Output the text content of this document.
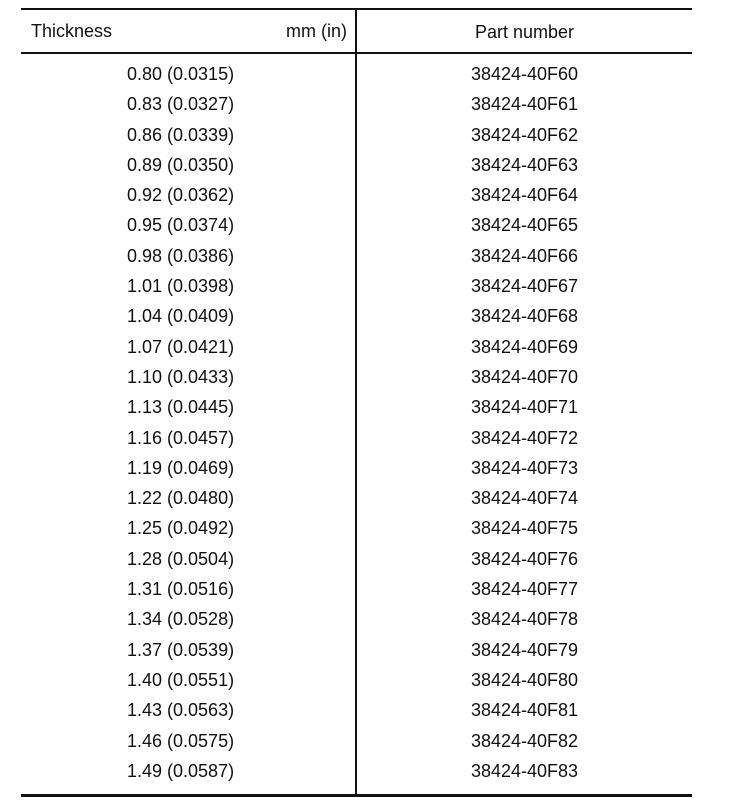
Thickness	mm (in)	Part number
0.80 (0.0315)	38424-40F60
0.83 (0.0327)	38424-40F61
0.86 (0.0339)	38424-40F62
0.89 (0.0350)	38424-40F63
0.92 (0.0362)	38424-40F64
0.95 (0.0374)	38424-40F65
0.98 (0.0386)	38424-40F66
1.01 (0.0398)	38424-40F67
1.04 (0.0409)	38424-40F68
1.07 (0.0421)	38424-40F69
1.10 (0.0433)	38424-40F70
1.13 (0.0445)	38424-40F71
1.16 (0.0457)	38424-40F72
1.19 (0.0469)	38424-40F73
1.22 (0.0480)	38424-40F74
1.25 (0.0492)	38424-40F75
1.28 (0.0504)	38424-40F76
1.31 (0.0516)	38424-40F77
1.34 (0.0528)	38424-40F78
1.37 (0.0539)	38424-40F79
1.40 (0.0551)	38424-40F80
1.43 (0.0563)	38424-40F81
1.46 (0.0575)	38424-40F82
1.49 (0.0587)	38424-40F83
